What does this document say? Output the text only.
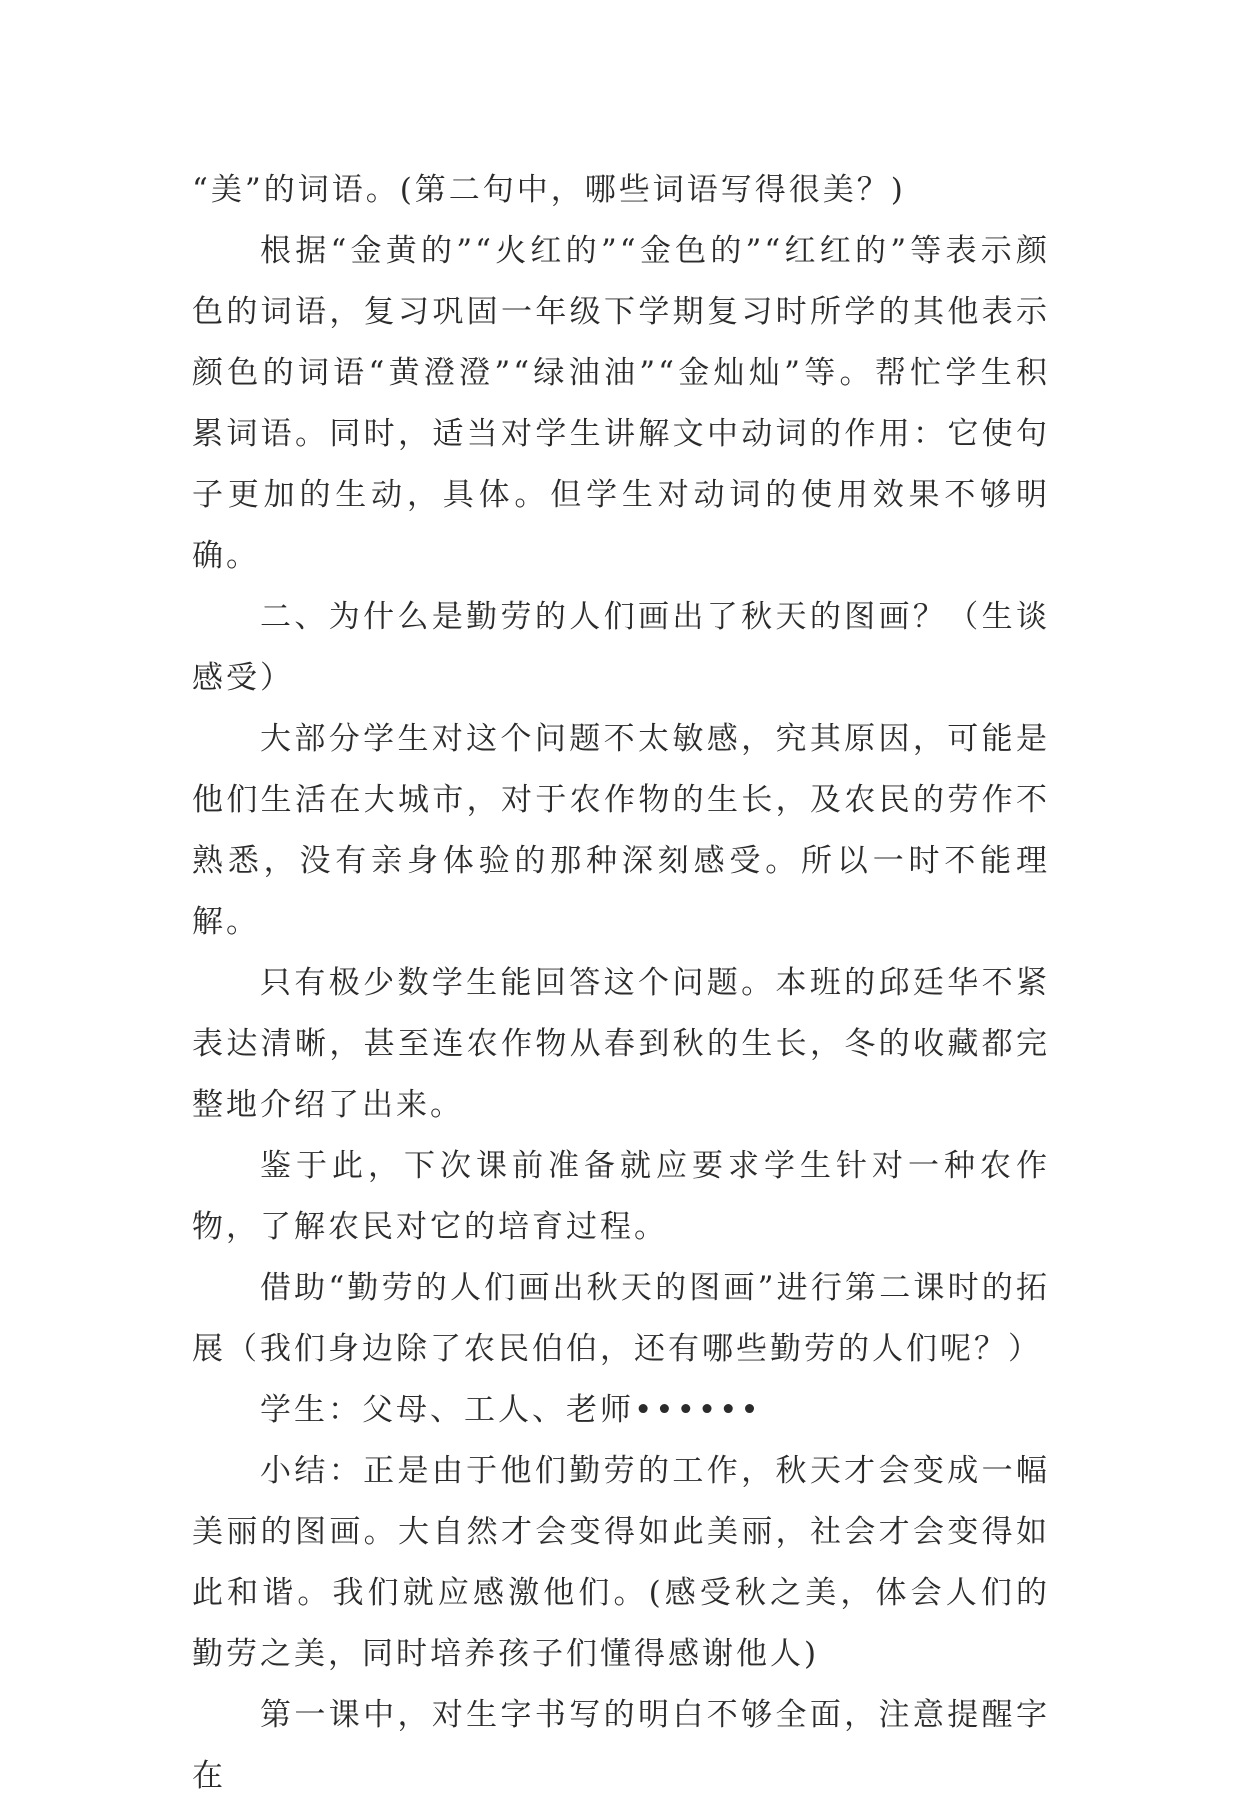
“美”的词语。(第二句中，哪些词语写得很美？)

根据“金黄的”“火红的”“金色的”“红红的”等表示颜色的词语，复习巩固一年级下学期复习时所学的其他表示颜色的词语“黄澄澄”“绿油油”“金灿灿”等。帮忙学生积累词语。同时，适当对学生讲解文中动词的作用：它使句子更加的生动，具体。但学生对动词的使用效果不够明确。

二、为什么是勤劳的人们画出了秋天的图画？（生谈感受）

大部分学生对这个问题不太敏感，究其原因，可能是他们生活在大城市，对于农作物的生长，及农民的劳作不熟悉，没有亲身体验的那种深刻感受。所以一时不能理解。

只有极少数学生能回答这个问题。本班的邱廷华不紧表达清晰，甚至连农作物从春到秋的生长，冬的收藏都完整地介绍了出来。

鉴于此，下次课前准备就应要求学生针对一种农作物，了解农民对它的培育过程。

借助“勤劳的人们画出秋天的图画”进行第二课时的拓展（我们身边除了农民伯伯，还有哪些勤劳的人们呢？）

学生：父母、工人、老师••••••

小结：正是由于他们勤劳的工作，秋天才会变成一幅美丽的图画。大自然才会变得如此美丽，社会才会变得如此和谐。我们就应感激他们。(感受秋之美，体会人们的勤劳之美，同时培养孩子们懂得感谢他人)

第一课中，对生字书写的明白不够全面，注意提醒字在
